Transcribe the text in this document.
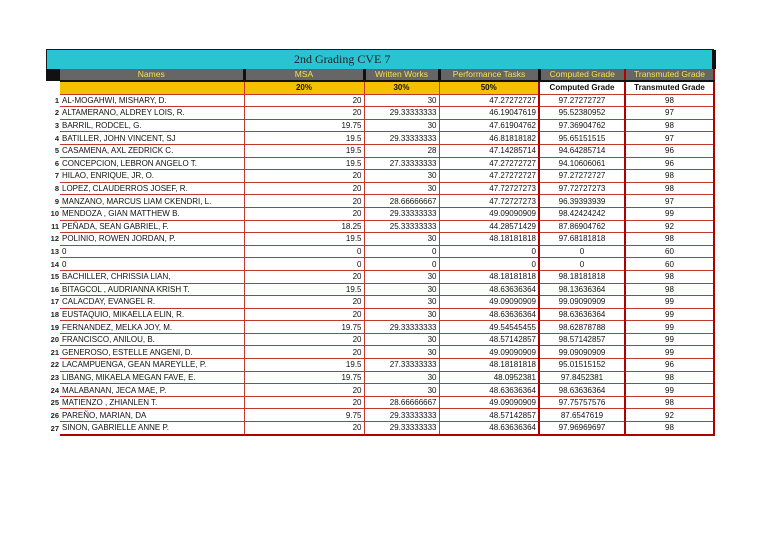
2nd Grading CVE 7
	Names	MSA	Written Works	Performance Tasks	Computed Grade	Transmuted Grade
		20%	30%	50%	Computed Grade	Transmuted Grade
1	AL-MOGAHWI, MISHARY, D.	20	30	47.27272727	97.27272727	98
2	ALTAMERANO, ALDREY LOIS, R.	20	29.33333333	46.19047619	95.52380952	97
3	BARRIL, RODCEL, G.	19.75	30	47.61904762	97.36904762	98
4	BATILLER, JOHN VINCENT, SJ	19.5	29.33333333	46.81818182	95.65151515	97
5	CASAMENA, AXL ZEDRICK C.	19.5	28	47.14285714	94.64285714	96
6	CONCEPCION, LEBRON ANGELO T.	19.5	27.33333333	47.27272727	94.10606061	96
7	HILAO, ENRIQUE, JR, O.	20	30	47.27272727	97.27272727	98
8	LOPEZ, CLAUDERROS JOSEF, R.	20	30	47.72727273	97.72727273	98
9	MANZANO, MARCUS LIAM CKENDRI, L.	20	28.66666667	47.72727273	96.39393939	97
10	MENDOZA , GIAN MATTHEW B.	20	29.33333333	49.09090909	98.42424242	99
11	PEÑADA, SEAN GABRIEL, F.	18.25	25.33333333	44.28571429	87.86904762	92
12	POLINIO, ROWEN JORDAN, P.	19.5	30	48.18181818	97.68181818	98
13	0	0	0	0	0	60
14	0	0	0	0	0	60
15	BACHILLER, CHRISSIA LIAN,	20	30	48.18181818	98.18181818	98
16	BITAGCOL , AUDRIANNA KRISH T.	19.5	30	48.63636364	98.13636364	98
17	CALACDAY, EVANGEL R.	20	30	49.09090909	99.09090909	99
18	EUSTAQUIO, MIKAELLA ELIN, R.	20	30	48.63636364	98.63636364	99
19	FERNANDEZ, MELKA JOY, M.	19.75	29.33333333	49.54545455	98.62878788	99
20	FRANCISCO, ANILOU, B.	20	30	48.57142857	98.57142857	99
21	GENEROSO, ESTELLE ANGENI, D.	20	30	49.09090909	99.09090909	99
22	LACAMPUENGA, GEAN MAREYLLE, P.	19.5	27.33333333	48.18181818	95.01515152	96
23	LIBANG, MIKAELA MEGAN FAVE, E.	19.75	30	48.0952381	97.8452381	98
24	MALABANAN, JECA MAE, P.	20	30	48.63636364	98.63636364	99
25	MATIENZO , ZHIANLEN T.	20	28.66666667	49.09090909	97.75757576	98
26	PAREÑO, MARIAN, DA	9.75	29.33333333	48.57142857	87.6547619	92
27	SINON, GABRIELLE ANNE P.	20	29.33333333	48.63636364	97.96969697	98
